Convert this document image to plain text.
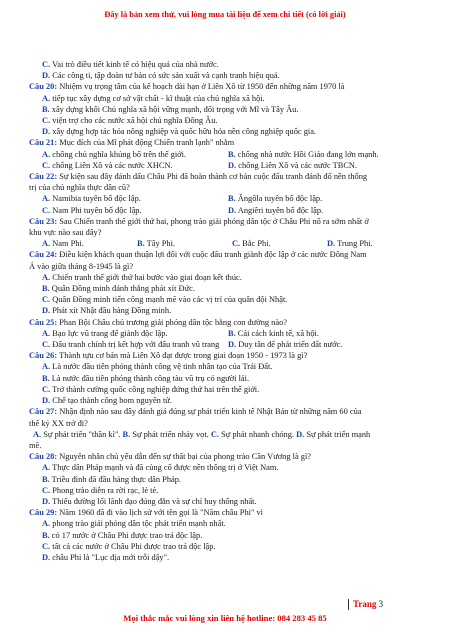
Đây là bản xem thử, vui lòng mua tài liệu để xem chi tiết (có lời giải)
C. Vai trò điều tiết kinh tế có hiệu quả của nhà nước.
D. Các công ti, tập đoàn tư bản có sức sản xuất và cạnh tranh hiệu quả.
Câu 20: Nhiệm vụ trọng tâm của kế hoạch dài hạn ở Liên Xô từ 1950 đến những năm 1970 là
A. tiếp tục xây dựng cơ sở vật chất - kĩ thuật của chủ nghĩa xã hội.
B. xây dựng khối Chủ nghĩa xã hội vững mạnh, đối trọng với Mĩ và Tây Âu.
C. viện trợ cho các nước xã hội chủ nghĩa Đông Âu.
D. xây dựng hợp tác hóa nông nghiệp và quốc hữu hóa nền công nghiệp quốc gia.
Câu 21: Mục đích của Mĩ phát động Chiến tranh lạnh" nhằm
A. chống chủ nghĩa khủng bố trên thế giới.	B. chống nhà nước Hồi Giáo đang lớn mạnh.
C. chống Liên Xô và các nước XHCN.	D. chống Liên Xô và các nước TBCN.
Câu 22: Sự kiện sau đây đánh dấu Châu Phi đã hoàn thành cơ bản cuộc đấu tranh đánh đổ nền thống
trị của chủ nghĩa thực dân cũ?
A. Namibia tuyên bố độc lập.	B. Ăngôla tuyên bố độc lập.
C. Nam Phi tuyên bố độc lập.	D. Angiêri tuyên bố độc lập.
Câu 23: Sau Chiến tranh thế giới thứ hai, phong trào giải phóng dân tộc ở Châu Phi nổ ra sớm nhất ở
khu vực nào sau đây?
A. Nam Phi.	B. Tây Phi.	C. Bắc Phi.	D. Trung Phi.
Câu 24: Điều kiện khách quan thuận lợi đối với cuộc đấu tranh giành độc lập ở các nước Đông Nam
Á vào giữa tháng 8-1945 là gì?
A. Chiến tranh thế giới thứ hai bước vào giai đoạn kết thúc.
B. Quân Đồng minh đánh thắng phát xít Đức.
C. Quân Đồng minh tiến công mạnh mẽ vào các vị trí của quân đội Nhật.
D. Phát xít Nhật đầu hàng Đồng minh.
Câu 25: Phan Bội Châu chủ trương giải phóng dân tộc bằng con đường nào?
A. Bạo lực vũ trang để giành độc lập.	B. Cải cách kinh tế, xã hội.
C. Đấu tranh chính trị kết hợp với đấu tranh vũ trang	D. Duy tân để phát triển đất nước.
Câu 26: Thành tựu cơ bản mà Liên Xô đạt được trong giai đoạn 1950 - 1973 là gì?
A. Là nước đầu tiên phóng thành công vệ tinh nhân tạo của Trái Đất.
B. Là nước đầu tiên phóng thành công tàu vũ trụ có người lái.
C. Trở thành cường quốc công nghiệp đứng thứ hai trên thế giới.
D. Chế tạo thành công bom nguyên tử.
Câu 27: Nhận định nào sau đây đánh giá đúng sự phát triển kinh tế Nhật Bản từ những năm 60 của
thế kỷ XX trở đi?
A. Sự phát triển "thần kì".
B.
Sự phát triển nhảy vọt.
C.
Sự phát nhanh chóng.
D.
Sự phát triển mạnh
mẽ.
Câu 28: Nguyên nhân chủ yếu dẫn đến sự thất bại của phong trào Cần Vương là gì?
A. Thực dân Pháp mạnh và đã củng cố được nền thống trị ở Việt Nam.
B. Triều đình đã đầu hàng thực dân Pháp.
C. Phong trào diễn ra rời rạc, lẻ tẻ.
D. Thiếu đường lối lãnh đạo đúng đắn và sự chỉ huy thống nhất.
Câu 29: Năm 1960 đã đi vào lịch sử với tên gọi là "Năm châu Phi" vì
A. phong trào giải phóng dân tộc phát triển mạnh nhất.
B. có 17 nước ở Châu Phi được trao trả độc lập.
C. tất cả các nước ở Châu Phi được trao trả độc lập.
D. châu Phi là "Lục địa mới trỗi dậy".
Trang 3
Mọi thắc mắc vui lòng xin liên hệ hotline: 084 283 45 85
